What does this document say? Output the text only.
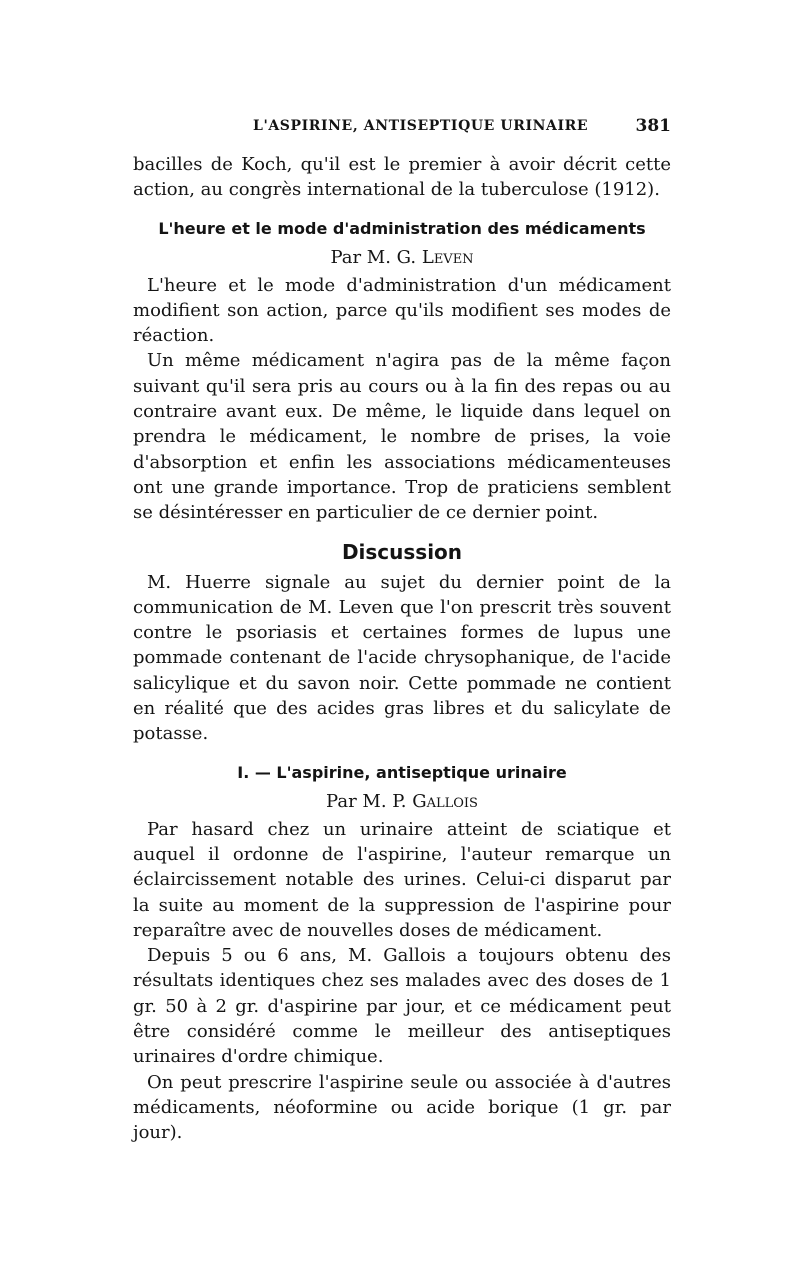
L'ASPIRINE, ANTISEPTIQUE URINAIRE	381

bacilles de Koch, qu'il est le premier à avoir décrit cette action, au congrès international de la tuberculose (1912).

L'heure et le mode d'administration des médicaments
Par M. G. Leven

L'heure et le mode d'administration d'un médicament modifient son action, parce qu'ils modifient ses modes de réaction.

Un même médicament n'agira pas de la même façon suivant qu'il sera pris au cours ou à la fin des repas ou au contraire avant eux. De même, le liquide dans lequel on prendra le médicament, le nombre de prises, la voie d'absorption et enfin les associations médicamenteuses ont une grande importance. Trop de praticiens semblent se désintéresser en particulier de ce dernier point.

Discussion

M. Huerre signale au sujet du dernier point de la communication de M. Leven que l'on prescrit très souvent contre le psoriasis et certaines formes de lupus une pommade contenant de l'acide chrysophanique, de l'acide salicylique et du savon noir. Cette pommade ne contient en réalité que des acides gras libres et du salicylate de potasse.

I. — L'aspirine, antiseptique urinaire
Par M. P. Gallois

Par hasard chez un urinaire atteint de sciatique et auquel il ordonne de l'aspirine, l'auteur remarque un éclaircissement notable des urines. Celui-ci disparut par la suite au moment de la suppression de l'aspirine pour reparaître avec de nouvelles doses de médicament.

Depuis 5 ou 6 ans, M. Gallois a toujours obtenu des résultats identiques chez ses malades avec des doses de 1 gr. 50 à 2 gr. d'aspirine par jour, et ce médicament peut être considéré comme le meilleur des antiseptiques urinaires d'ordre chimique.

On peut prescrire l'aspirine seule ou associée à d'autres médicaments, néoformine ou acide borique (1 gr. par jour).
